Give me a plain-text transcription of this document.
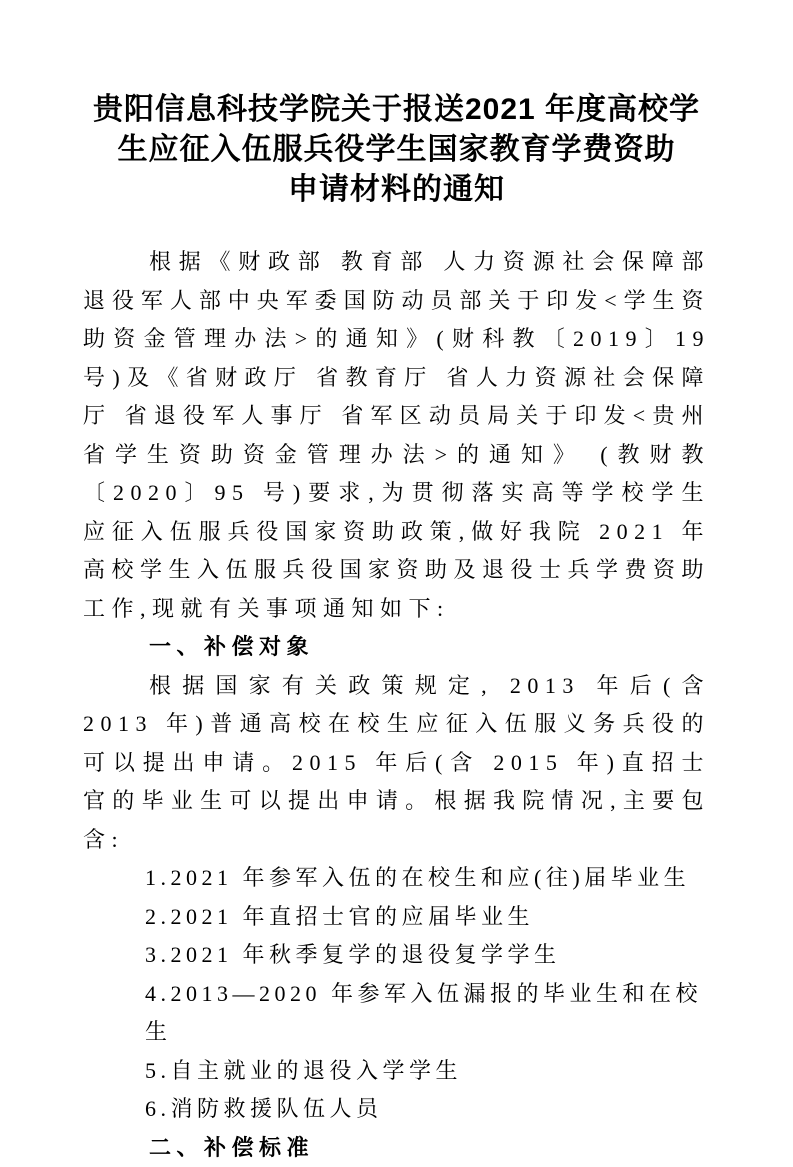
贵阳信息科技学院关于报送2021 年度高校学
生应征入伍服兵役学生国家教育学费资助
申请材料的通知

根据《财政部 教育部 人力资源社会保障部 退役军人部中央军委国防动员部关于印发<学生资助资金管理办法>的通知》(财科教〔2019〕19 号)及《省财政厅 省教育厅 省人力资源社会保障厅 省退役军人事厅 省军区动员局关于印发<贵州省学生资助资金管理办法>的通知》 (教财教〔2020〕95 号)要求,为贯彻落实高等学校学生应征入伍服兵役国家资助政策,做好我院 2021 年高校学生入伍服兵役国家资助及退役士兵学费资助工作,现就有关事项通知如下:

一、补偿对象

根据国家有关政策规定, 2013 年后(含 2013 年)普通高校在校生应征入伍服义务兵役的可以提出申请。2015 年后(含 2015 年)直招士官的毕业生可以提出申请。根据我院情况,主要包含:

1.2021 年参军入伍的在校生和应(往)届毕业生
2.2021 年直招士官的应届毕业生
3.2021 年秋季复学的退役复学学生
4.2013—2020 年参军入伍漏报的毕业生和在校生
5.自主就业的退役入学学生
6.消防救援队伍人员

二、补偿标准
